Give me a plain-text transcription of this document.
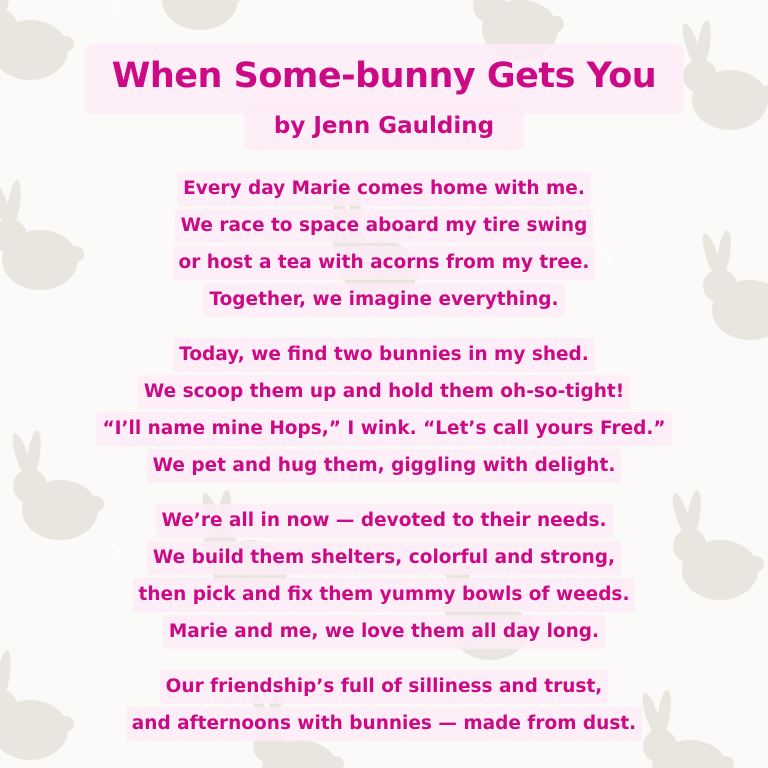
When Some-bunny Gets You
by Jenn Gaulding
Every day Marie comes home with me.
We race to space aboard my tire swing
or host a tea with acorns from my tree.
Together, we imagine everything.
Today, we find two bunnies in my shed.
We scoop them up and hold them oh-so-tight!
“I’ll name mine Hops,” I wink. “Let’s call yours Fred.”
We pet and hug them, giggling with delight.
We’re all in now — devoted to their needs.
We build them shelters, colorful and strong,
then pick and fix them yummy bowls of weeds.
Marie and me, we love them all day long.
Our friendship’s full of silliness and trust,
and afternoons with bunnies — made from dust.
